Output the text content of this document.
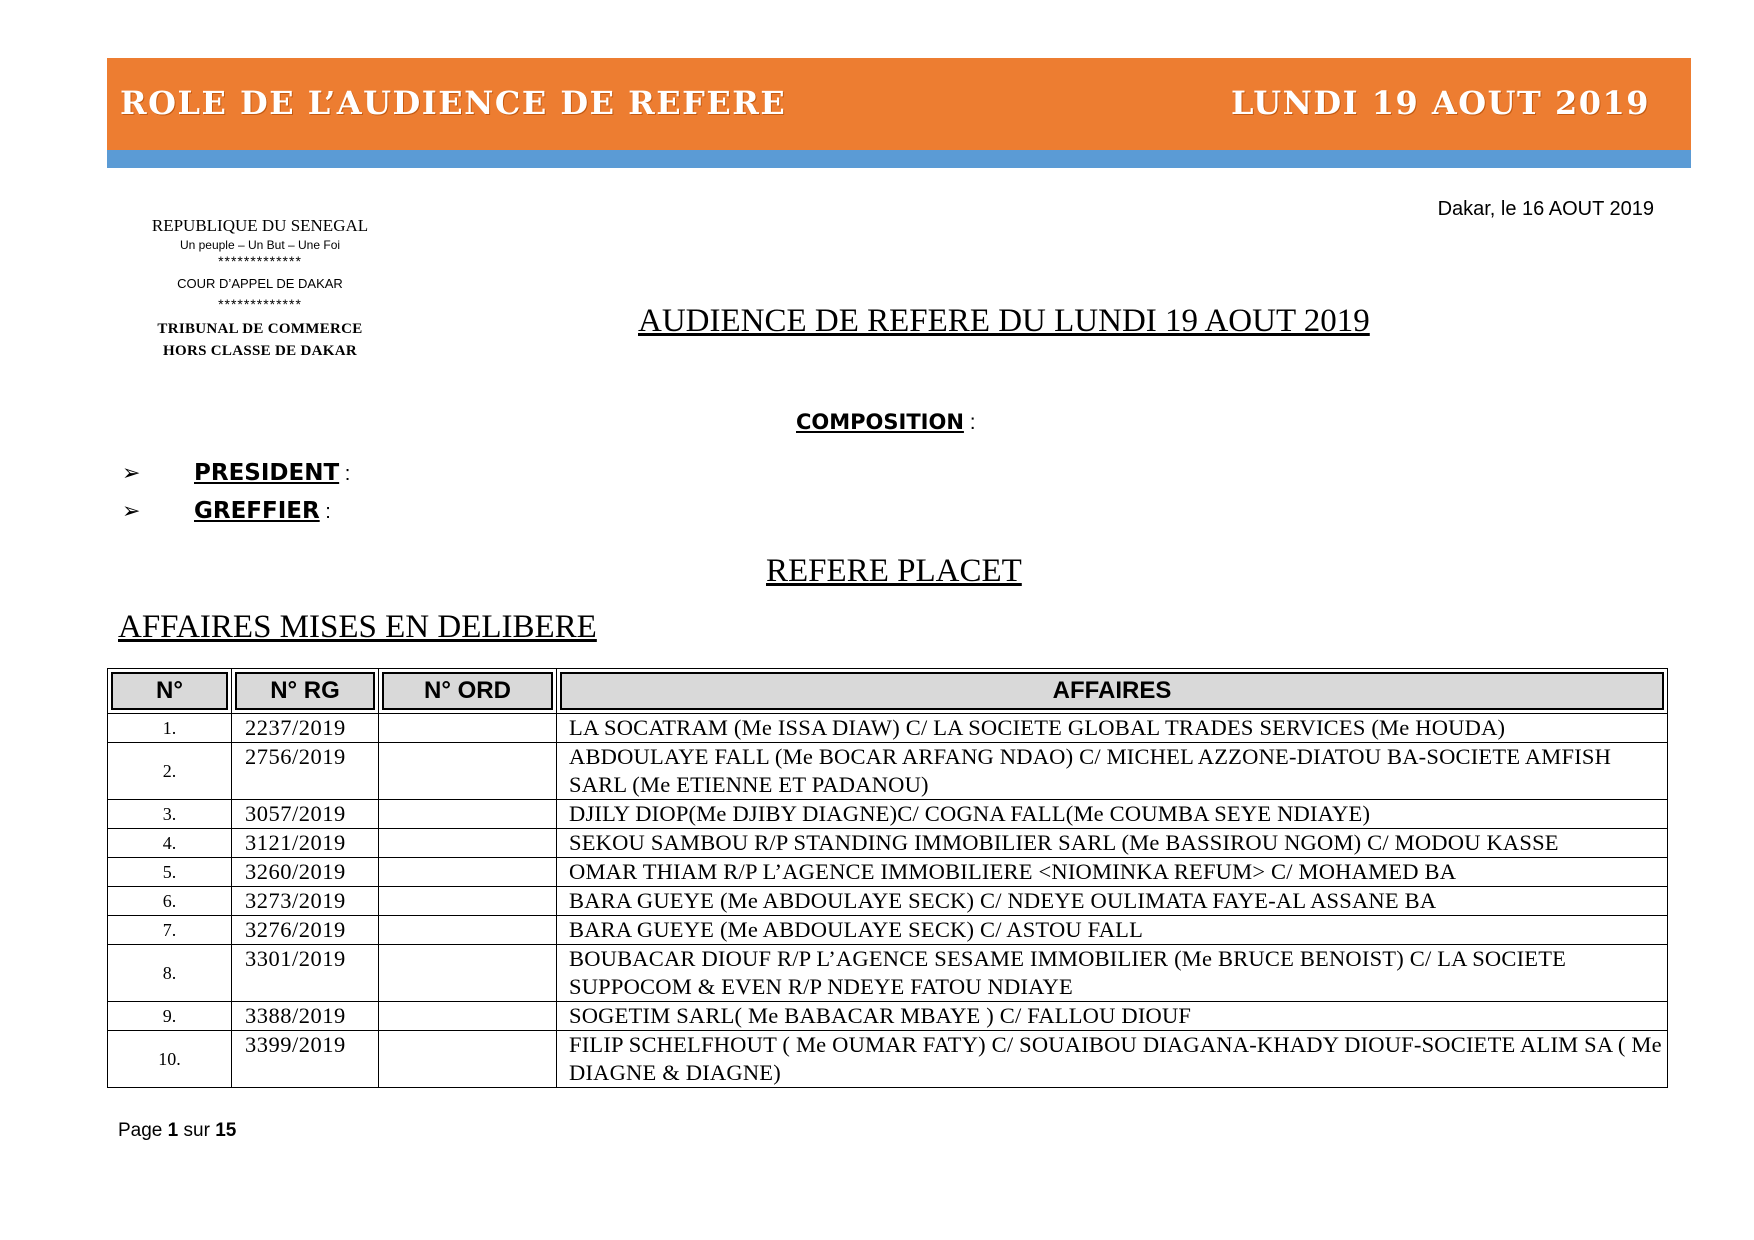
ROLE DE L’AUDIENCE DE REFERE	LUNDI 19 AOUT 2019
Dakar, le 16 AOUT 2019
REPUBLIQUE DU SENEGAL
Un peuple – Un But – Une Foi
*************
COUR D’APPEL DE DAKAR
*************
TRIBUNAL DE COMMERCE
HORS CLASSE DE DAKAR
AUDIENCE DE REFERE DU LUNDI 19 AOUT 2019
COMPOSITION :
➢ PRESIDENT :
➢ GREFFIER :
REFERE PLACET
AFFAIRES MISES EN DELIBERE
N°	N° RG	N° ORD	AFFAIRES

1.	2237/2019		LA SOCATRAM (Me ISSA DIAW) C/ LA SOCIETE GLOBAL TRADES SERVICES (Me HOUDA)
2.	2756/2019		ABDOULAYE FALL (Me BOCAR ARFANG NDAO) C/ MICHEL AZZONE-DIATOU BA-SOCIETE AMFISH SARL (Me ETIENNE ET PADANOU)
3.	3057/2019		DJILY DIOP(Me DJIBY DIAGNE)C/ COGNA FALL(Me COUMBA SEYE NDIAYE)
4.	3121/2019		SEKOU SAMBOU R/P STANDING IMMOBILIER SARL (Me BASSIROU NGOM) C/ MODOU KASSE
5.	3260/2019		OMAR THIAM R/P L’AGENCE IMMOBILIERE <NIOMINKA REFUM> C/ MOHAMED BA
6.	3273/2019		BARA GUEYE (Me ABDOULAYE SECK) C/ NDEYE OULIMATA FAYE-AL ASSANE BA
7.	3276/2019		BARA GUEYE (Me ABDOULAYE SECK) C/ ASTOU FALL
8.	3301/2019		BOUBACAR DIOUF R/P L’AGENCE SESAME IMMOBILIER (Me BRUCE BENOIST) C/ LA SOCIETE SUPPOCOM & EVEN R/P NDEYE FATOU NDIAYE
9.	3388/2019		SOGETIM SARL( Me BABACAR MBAYE ) C/ FALLOU DIOUF
10.	3399/2019		FILIP SCHELFHOUT ( Me OUMAR FATY) C/ SOUAIBOU DIAGANA-KHADY DIOUF-SOCIETE ALIM SA ( Me DIAGNE & DIAGNE)
Page 1 sur 15
